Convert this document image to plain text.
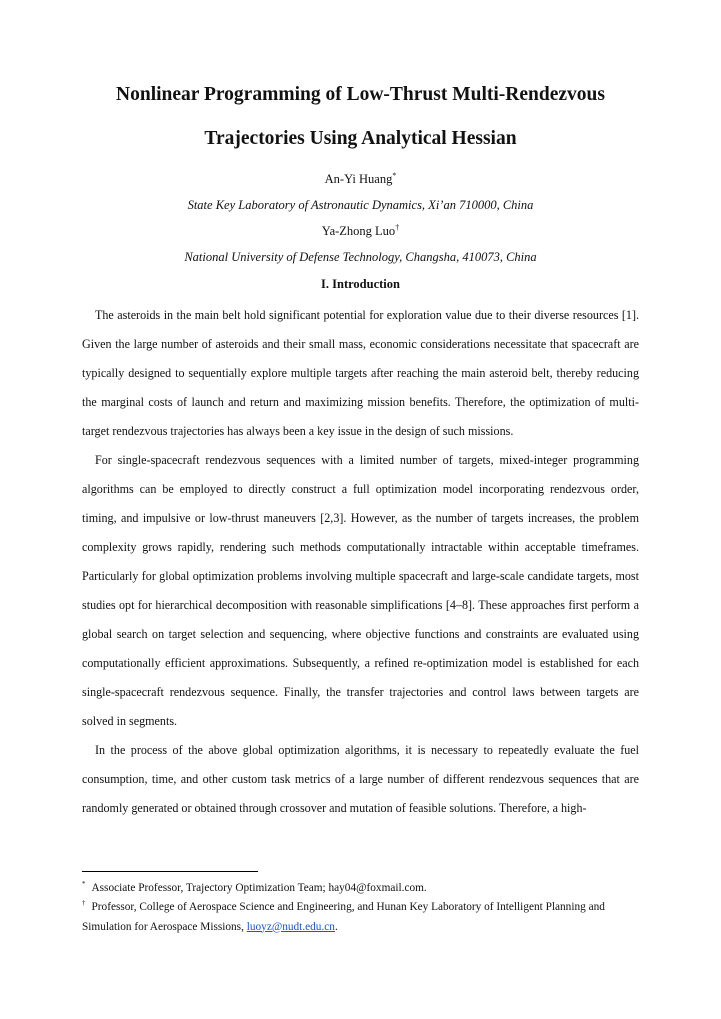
Nonlinear Programming of Low-Thrust Multi-Rendezvous
Trajectories Using Analytical Hessian
An-Yi Huang*
State Key Laboratory of Astronautic Dynamics, Xi’an 710000, China
Ya-Zhong Luo†
National University of Defense Technology, Changsha, 410073, China
I. Introduction

The asteroids in the main belt hold significant potential for exploration value due to their diverse resources [1]. Given the large number of asteroids and their small mass, economic considerations necessitate that spacecraft are typically designed to sequentially explore multiple targets after reaching the main asteroid belt, thereby reducing the marginal costs of launch and return and maximizing mission benefits. Therefore, the optimization of multi-target rendezvous trajectories has always been a key issue in the design of such missions.

For single-spacecraft rendezvous sequences with a limited number of targets, mixed-integer programming algorithms can be employed to directly construct a full optimization model incorporating rendezvous order, timing, and impulsive or low-thrust maneuvers [2,3]. However, as the number of targets increases, the problem complexity grows rapidly, rendering such methods computationally intractable within acceptable timeframes. Particularly for global optimization problems involving multiple spacecraft and large-scale candidate targets, most studies opt for hierarchical decomposition with reasonable simplifications [4–8]. These approaches first perform a global search on target selection and sequencing, where objective functions and constraints are evaluated using computationally efficient approximations. Subsequently, a refined re-optimization model is established for each single-spacecraft rendezvous sequence. Finally, the transfer trajectories and control laws between targets are solved in segments.

In the process of the above global optimization algorithms, it is necessary to repeatedly evaluate the fuel consumption, time, and other custom task metrics of a large number of different rendezvous sequences that are randomly generated or obtained through crossover and mutation of feasible solutions. Therefore, a high-

* Associate Professor, Trajectory Optimization Team; hay04@foxmail.com.
† Professor, College of Aerospace Science and Engineering, and Hunan Key Laboratory of Intelligent Planning and Simulation for Aerospace Missions, luoyz@nudt.edu.cn.
